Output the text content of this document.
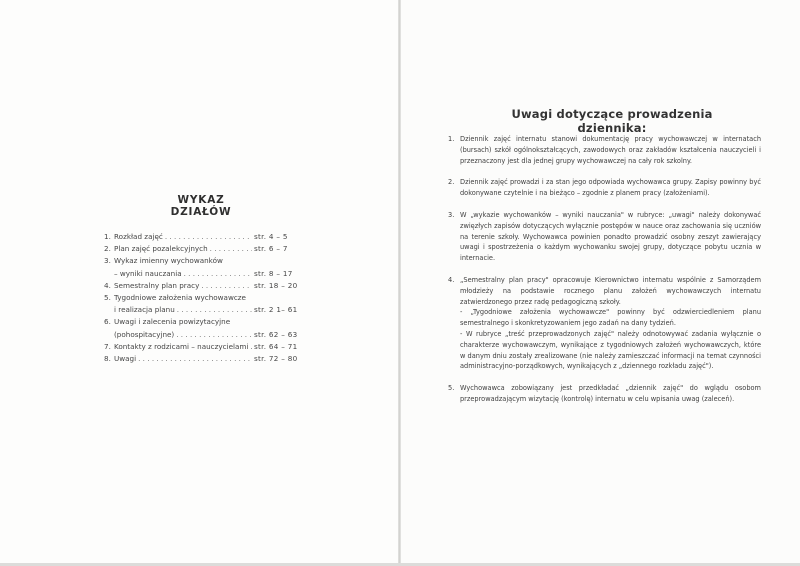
WYKAZ DZIAŁÓW
1. Rozkład zajęć . . .	str. 4 – 5
2. Plan zajęć pozalekcyjnych . . .	str. 6 – 7
3. Wykaz imienny wychowanków
– wyniki nauczania . . .	str. 8 – 17
4. Semestralny plan pracy . . .	str. 18 – 20
5. Tygodniowe założenia wychowawcze
i realizacja planu . . .	str. 2 1– 61
6. Uwagi i zalecenia powizytacyjne
(pohospitacyjne) . . .	str. 62 – 63
7. Kontakty z rodzicami – nauczycielami . . . str. 64 – 71
8. Uwagi . . .	str. 72 – 80
Uwagi dotyczące prowadzenia dziennika:
1. Dziennik zajęć internatu stanowi dokumentację pracy wychowawczej w internatach (bursach) szkół ogólnokształcących, zawodowych oraz zakładów kształcenia nauczycieli i przeznaczony jest dla jednej grupy wychowawczej na cały rok szkolny.

2. Dziennik zajęć prowadzi i za stan jego odpowiada wychowawca grupy. Zapisy powinny być dokonywane czytelnie i na bieżąco – zgodnie z planem pracy (założeniami).

3. W „wykazie wychowanków – wyniki nauczania" w rubryce: „uwagi" należy dokonywać zwięzłych zapisów dotyczących wyłącznie postępów w nauce oraz zachowania się uczniów na terenie szkoły. Wychowawca powinien ponadto prowadzić osobny zeszyt zawierający uwagi i spostrzeżenia o każdym wychowanku swojej grupy, dotyczące pobytu ucznia w internacie.

4. „Semestralny plan pracy" opracowuje Kierownictwo internatu wspólnie z Samorządem młodzieży na podstawie rocznego planu założeń wychowawczych internatu zatwierdzonego przez radę pedagogiczną szkoły.

- „Tygodniowe założenia wychowawcze" powinny być odzwierciedleniem planu semestralnego i skonkretyzowaniem jego zadań na dany tydzień.

- W rubryce „treść przeprowadzonych zajęć" należy odnotowywać zadania wyłącznie o charakterze wychowawczym, wynikające z tygodniowych założeń wychowawczych, które w danym dniu zostały zrealizowane (nie należy zamieszczać informacji na temat czynności administracyjno-porządkowych, wynikających z „dziennego rozkładu zajęć").

5. Wychowawca zobowiązany jest przedkładać „dziennik zajęć" do wglądu osobom przeprowadzającym wizytację (kontrolę) internatu w celu wpisania uwag (zaleceń).
